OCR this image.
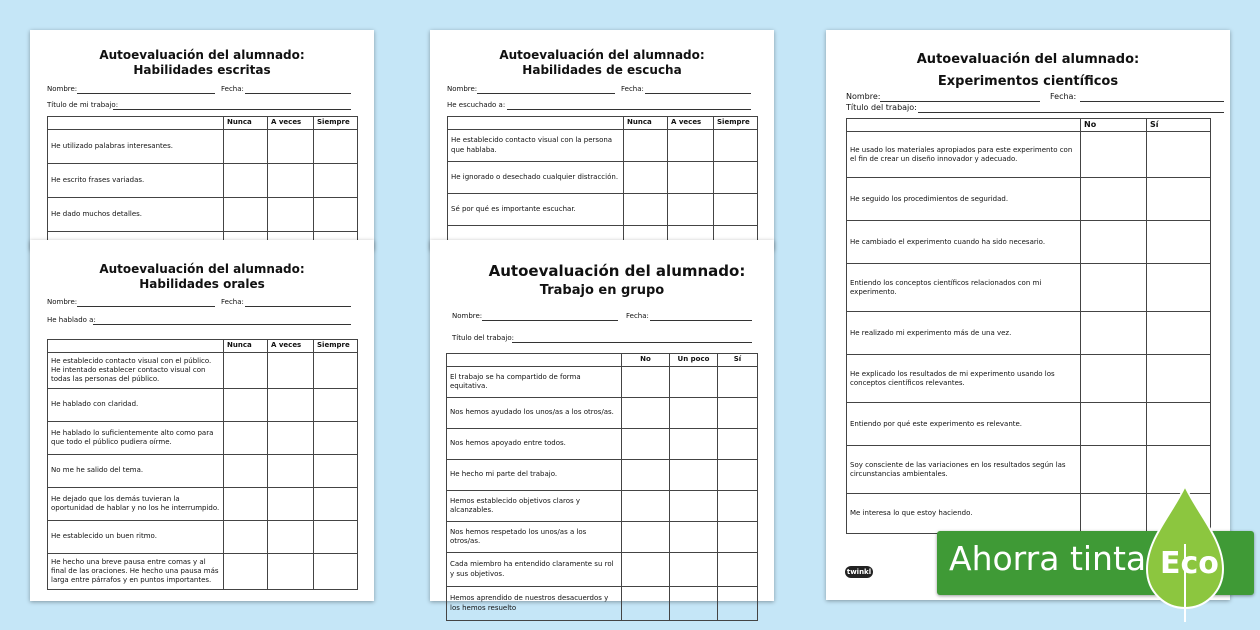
Autoevaluación del alumnado:
Habilidades escritas
Nombre:	Fecha:
Título de mi trabajo:
	Nunca	A veces	Siempre
He utilizado palabras interesantes.			
He escrito frases variadas.			
He dado muchos detalles.			

Autoevaluación del alumnado:
Habilidades de escucha
Nombre:	Fecha:
He escuchado a:
	Nunca	A veces	Siempre
He establecido contacto visual con la persona que hablaba.			
He ignorado o desechado cualquier distracción.			
Sé por qué es importante escuchar.			

Autoevaluación del alumnado:
Habilidades orales
Nombre:	Fecha:
He hablado a:
	Nunca	A veces	Siempre
He establecido contacto visual con el público. He intentado establecer contacto visual con todas las personas del público.			
He hablado con claridad.			
He hablado lo suficientemente alto como para que todo el público pudiera oírme.			
No me he salido del tema.			
He dejado que los demás tuvieran la oportunidad de hablar y no los he interrumpido.			
He establecido un buen ritmo.			
He hecho una breve pausa entre comas y al final de las oraciones. He hecho una pausa más larga entre párrafos y en puntos importantes.			
Autoevaluación del alumnado:
Trabajo en grupo
Nombre:	Fecha:
Título del trabajo:
	No	Un poco	Sí
El trabajo se ha compartido de forma equitativa.			
Nos hemos ayudado los unos/as a los otros/as.			
Nos hemos apoyado entre todos.			
He hecho mi parte del trabajo.			
Hemos establecido objetivos claros y alcanzables.			
Nos hemos respetado los unos/as a los otros/as.			
Cada miembro ha entendido claramente su rol y sus objetivos.			
Hemos aprendido de nuestros desacuerdos y los hemos resuelto			
Autoevaluación del alumnado:
Experimentos científicos
Nombre:	Fecha:
Título del trabajo:
	No	Sí
He usado los materiales apropiados para este experimento con el fin de crear un diseño innovador y adecuado.		
He seguido los procedimientos de seguridad.		
He cambiado el experimento cuando ha sido necesario.		
Entiendo los conceptos científicos relacionados con mi experimento.		
He realizado mi experimento más de una vez.		
He explicado los resultados de mi experimento usando los conceptos científicos relevantes.		
Entiendo por qué este experimento es relevante.		
Soy consciente de las variaciones en los resultados según las circunstancias ambientales.		
Me interesa lo que estoy haciendo.		
twinkl Ahorra tinta Eco
